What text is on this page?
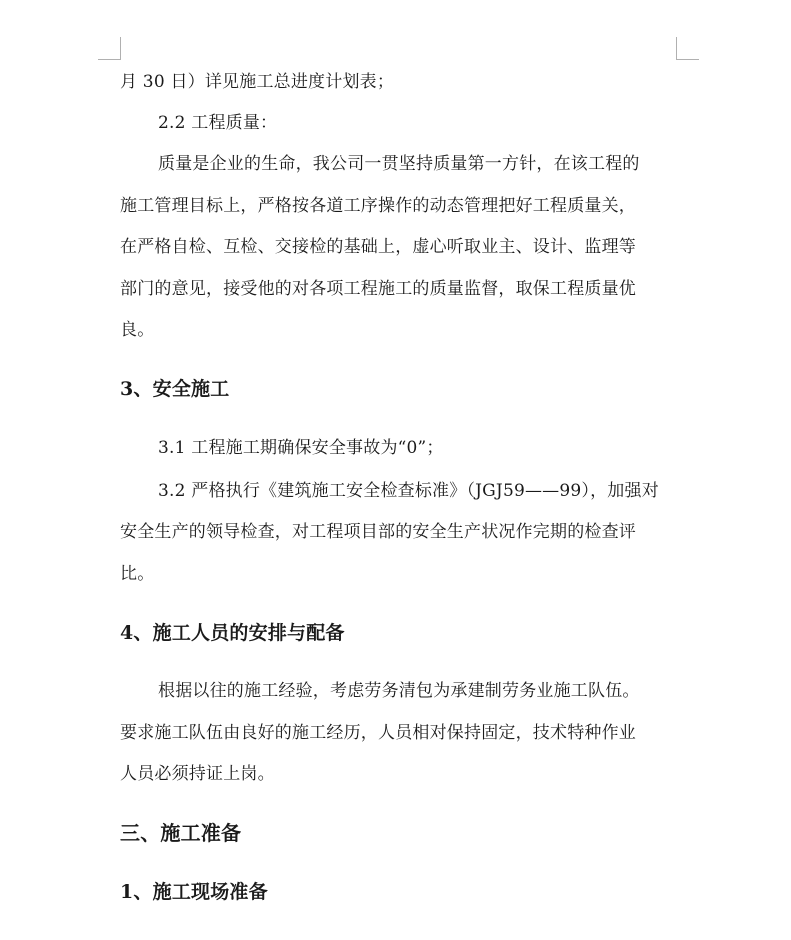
月 30 日）详见施工总进度计划表；
2.2 工程质量：
质量是企业的生命，我公司一贯坚持质量第一方针，在该工程的
施工管理目标上，严格按各道工序操作的动态管理把好工程质量关，
在严格自检、互检、交接检的基础上，虚心听取业主、设计、监理等
部门的意见，接受他的对各项工程施工的质量监督，取保工程质量优
良。
3、安全施工
3.1 工程施工期确保安全事故为“0”；
3.2 严格执行《建筑施工安全检查标准》（JGJ59——99），加强对
安全生产的领导检查，对工程项目部的安全生产状况作完期的检查评
比。
4、施工人员的安排与配备
根据以往的施工经验，考虑劳务清包为承建制劳务业施工队伍。
要求施工队伍由良好的施工经历，人员相对保持固定，技术特种作业
人员必须持证上岗。
三、施工准备
1、施工现场准备
